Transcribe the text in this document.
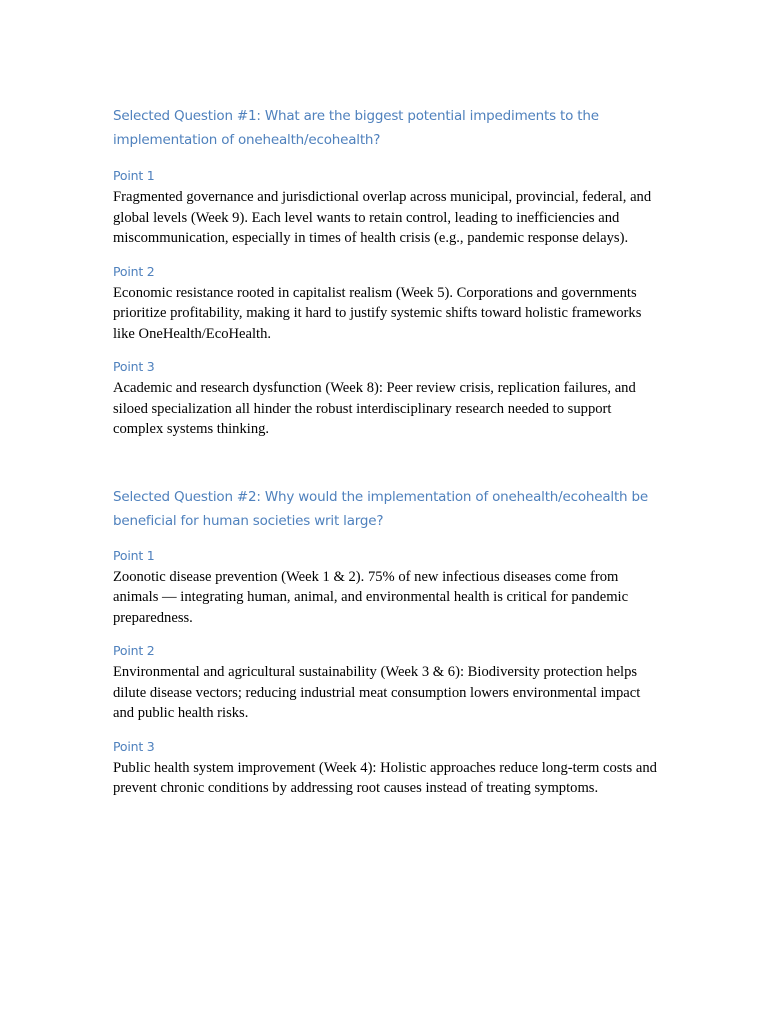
Selected Question #1: What are the biggest potential impediments to the implementation of onehealth/ecohealth?

Point 1

Fragmented governance and jurisdictional overlap across municipal, provincial, federal, and global levels (Week 9). Each level wants to retain control, leading to inefficiencies and miscommunication, especially in times of health crisis (e.g., pandemic response delays).

Point 2

Economic resistance rooted in capitalist realism (Week 5). Corporations and governments prioritize profitability, making it hard to justify systemic shifts toward holistic frameworks like OneHealth/EcoHealth.

Point 3

Academic and research dysfunction (Week 8): Peer review crisis, replication failures, and siloed specialization all hinder the robust interdisciplinary research needed to support complex systems thinking.

Selected Question #2: Why would the implementation of onehealth/ecohealth be beneficial for human societies writ large?

Point 1

Zoonotic disease prevention (Week 1 & 2). 75% of new infectious diseases come from animals — integrating human, animal, and environmental health is critical for pandemic preparedness.

Point 2

Environmental and agricultural sustainability (Week 3 & 6): Biodiversity protection helps dilute disease vectors; reducing industrial meat consumption lowers environmental impact and public health risks.

Point 3

Public health system improvement (Week 4): Holistic approaches reduce long-term costs and prevent chronic conditions by addressing root causes instead of treating symptoms.
